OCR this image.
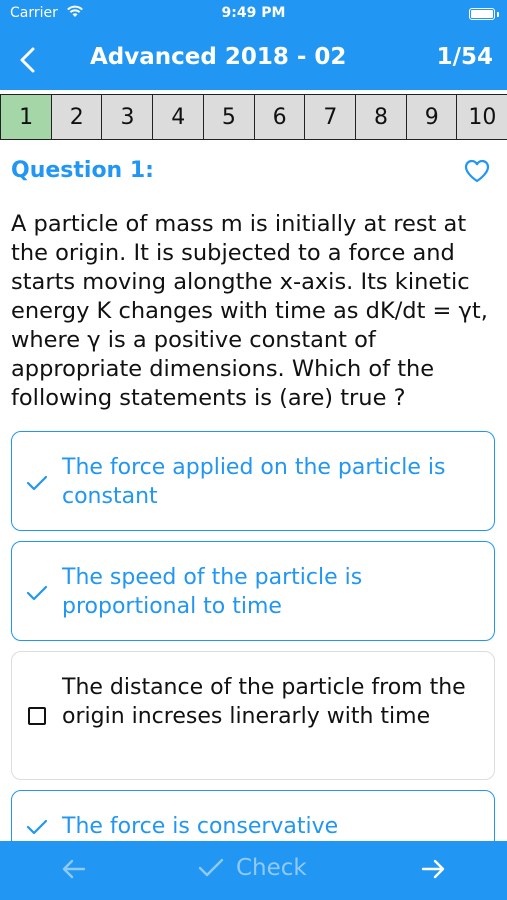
Carrier	9:49 PM
Advanced 2018 - 02	1/54
1	2	3	4	5	6	7	8	9	10
Question 1:
A particle of mass m is initially at rest at the origin. It is subjected to a force and starts moving alongthe x-axis. Its kinetic energy K changes with time as dK/dt = γt, where γ is a positive constant of appropriate dimensions. Which of the following statements is (are) true ?
The force applied on the particle is constant
The speed of the particle is proportional to time
The distance of the particle from the origin increses linerarly with time
The force is conservative
Check
